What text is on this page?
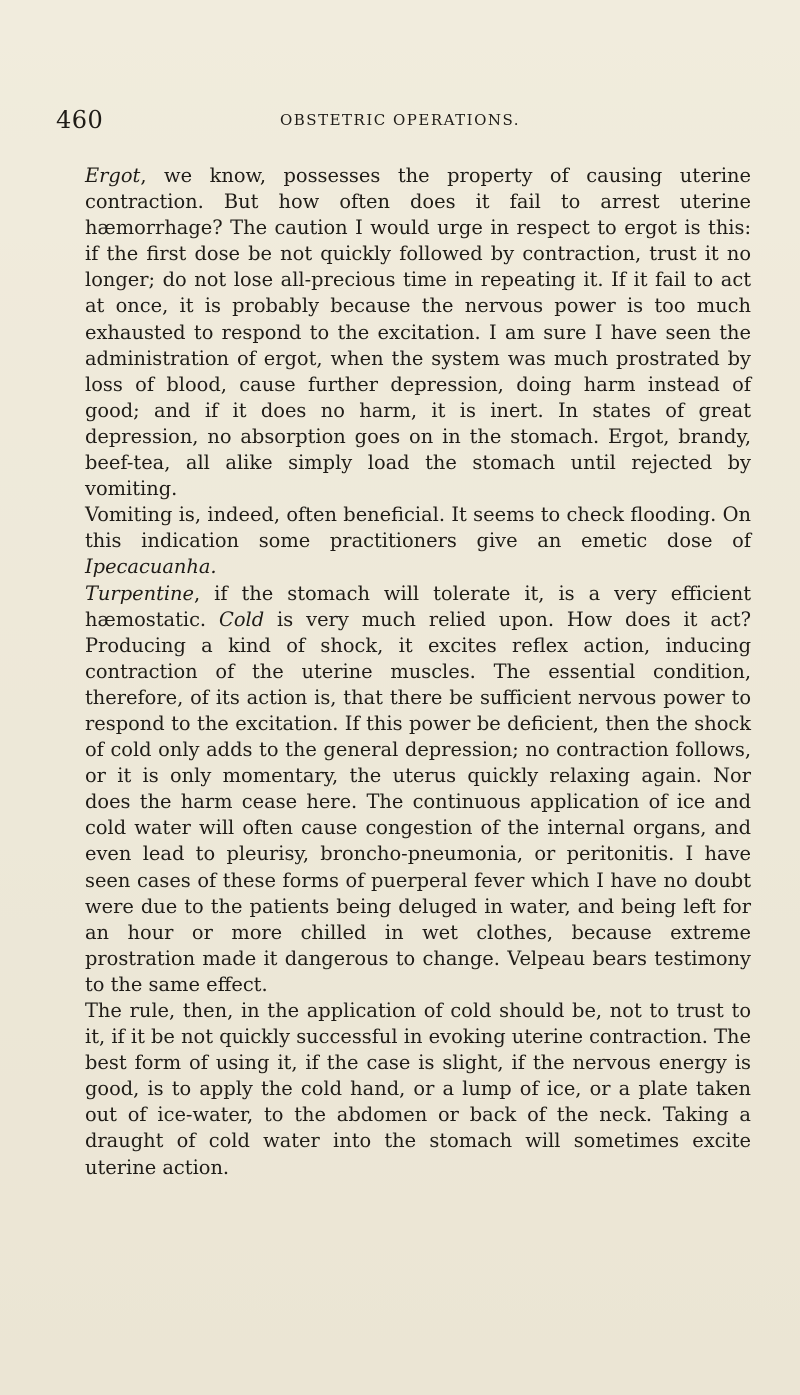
460	OBSTETRIC OPERATIONS.

Ergot, we know, possesses the property of causing uterine contraction. But how often does it fail to arrest uterine hæmorrhage? The caution I would urge in respect to ergot is this: if the first dose be not quickly followed by contraction, trust it no longer; do not lose all-precious time in repeating it. If it fail to act at once, it is probably because the nervous power is too much exhausted to respond to the excitation. I am sure I have seen the administration of ergot, when the system was much prostrated by loss of blood, cause further depression, doing harm instead of good; and if it does no harm, it is inert. In states of great depression, no absorption goes on in the stomach. Ergot, brandy, beef-tea, all alike simply load the stomach until rejected by vomiting.

Vomiting is, indeed, often beneficial. It seems to check flooding. On this indication some practitioners give an emetic dose of Ipecacuanha.

Turpentine, if the stomach will tolerate it, is a very efficient hæmostatic. Cold is very much relied upon. How does it act? Producing a kind of shock, it excites reflex action, inducing contraction of the uterine muscles. The essential condition, therefore, of its action is, that there be sufficient nervous power to respond to the excitation. If this power be deficient, then the shock of cold only adds to the general depression; no contraction follows, or it is only momentary, the uterus quickly relaxing again. Nor does the harm cease here. The continuous application of ice and cold water will often cause congestion of the internal organs, and even lead to pleurisy, broncho-pneumonia, or peritonitis. I have seen cases of these forms of puerperal fever which I have no doubt were due to the patients being deluged in water, and being left for an hour or more chilled in wet clothes, because extreme prostration made it dangerous to change. Velpeau bears testimony to the same effect.

The rule, then, in the application of cold should be, not to trust to it, if it be not quickly successful in evoking uterine contraction. The best form of using it, if the case is slight, if the nervous energy is good, is to apply the cold hand, or a lump of ice, or a plate taken out of ice-water, to the abdomen or back of the neck. Taking a draught of cold water into the stomach will sometimes excite uterine action.
